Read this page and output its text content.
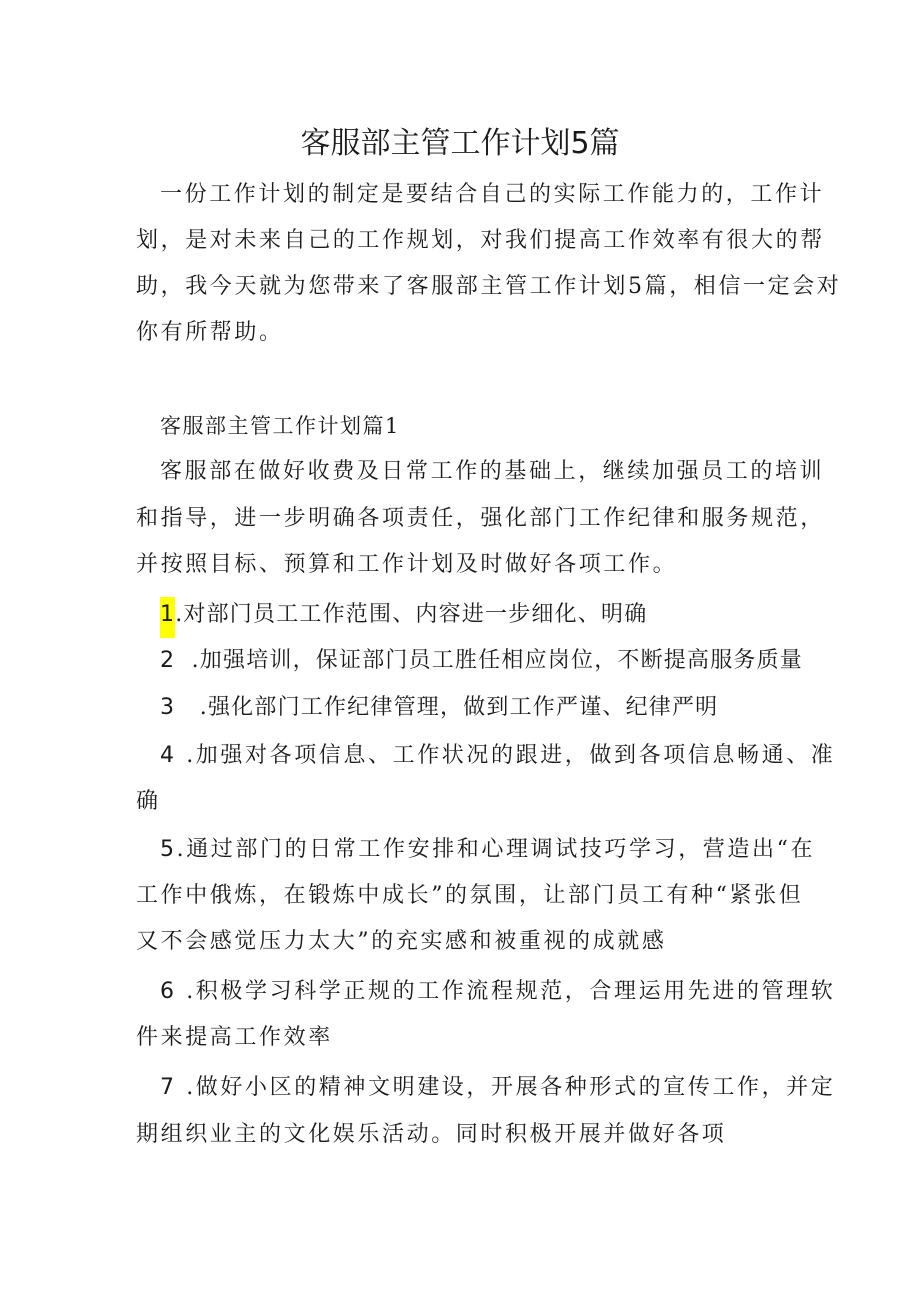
客服部主管工作计划5篇

一份工作计划的制定是要结合自己的实际工作能力的，工作计

划，是对未来自己的工作规划，对我们提高工作效率有很大的帮

助，我今天就为您带来了客服部主管工作计划5篇，相信一定会对

你有所帮助。

客服部主管工作计划篇1

客服部在做好收费及日常工作的基础上，继续加强员工的培训

和指导，进一步明确各项责任，强化部门工作纪律和服务规范，

并按照目标、预算和工作计划及时做好各项工作。

1.对部门员工工作范围、内容进一步细化、明确

2  .加强培训，保证部门员工胜任相应岗位，不断提高服务质量

3   .强化部门工作纪律管理，做到工作严谨、纪律严明

4 .加强对各项信息、工作状况的跟进，做到各项信息畅通、准

确

5.通过部门的日常工作安排和心理调试技巧学习，营造出“在

工作中俄炼，在锻炼中成长”的氛围，让部门员工有种“紧张但

又不会感觉压力太大”的充实感和被重视的成就感

6 .积极学习科学正规的工作流程规范，合理运用先进的管理软

件来提高工作效率

7 .做好小区的精神文明建设，开展各种形式的宣传工作，并定

期组织业主的文化娱乐活动。同时积极开展并做好各项
